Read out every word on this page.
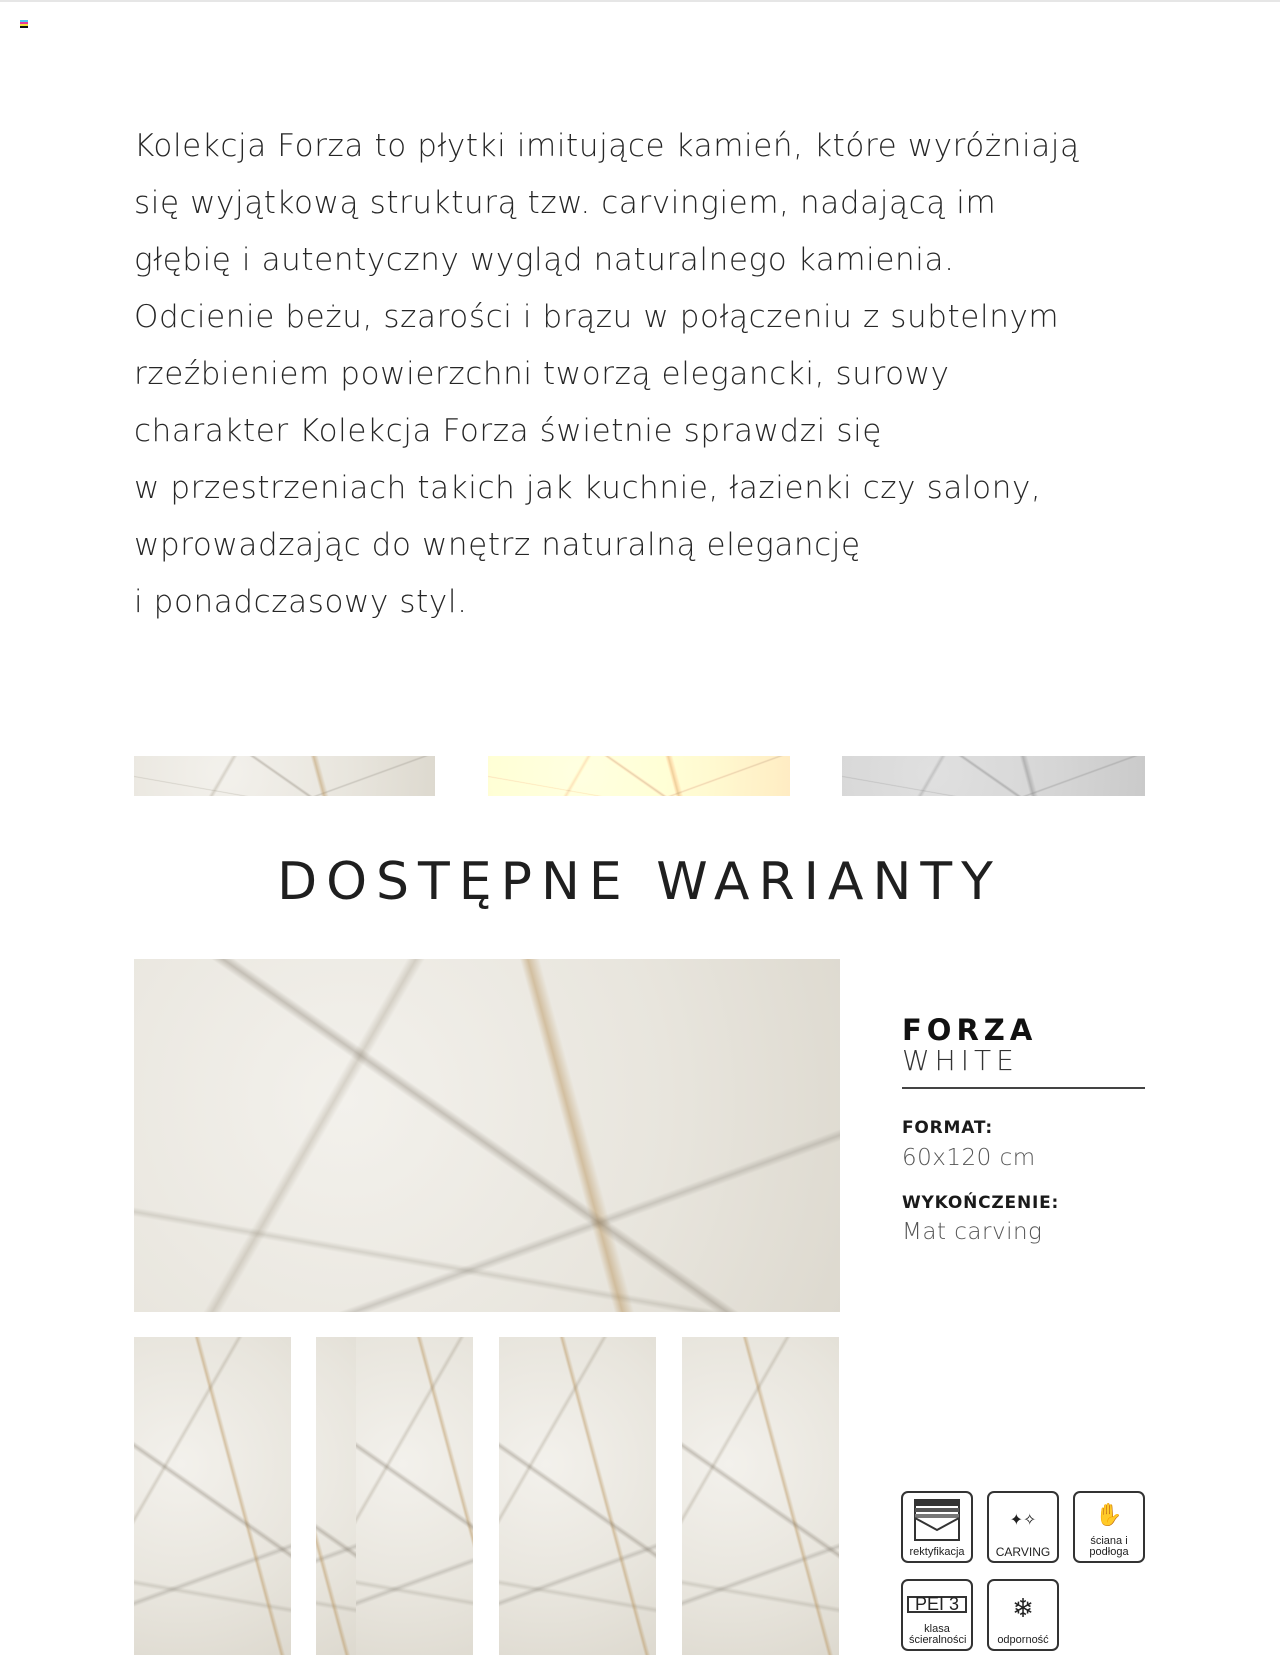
Kolekcja Forza to płytki imitujące kamień, które wyróżniają
się wyjątkową strukturą tzw. carvingiem, nadającą im
głębię i autentyczny wygląd naturalnego kamienia.
Odcienie beżu, szarości i brązu w połączeniu z subtelnym
rzeźbieniem powierzchni tworzą elegancki, surowy
charakter Kolekcja Forza świetnie sprawdzi się
w przestrzeniach takich jak kuchnie, łazienki czy salony,
wprowadzając do wnętrz naturalną elegancję
i ponadczasowy styl.
DOSTĘPNE WARIANTY
FORZA
WHITE
FORMAT:
60x120 cm
WYKOŃCZENIE:
Mat carving
rektyfikacja
✦✧
CARVING
✋
ściana i podłoga
PEI 3
klasa ścieralności
❄
odporność
